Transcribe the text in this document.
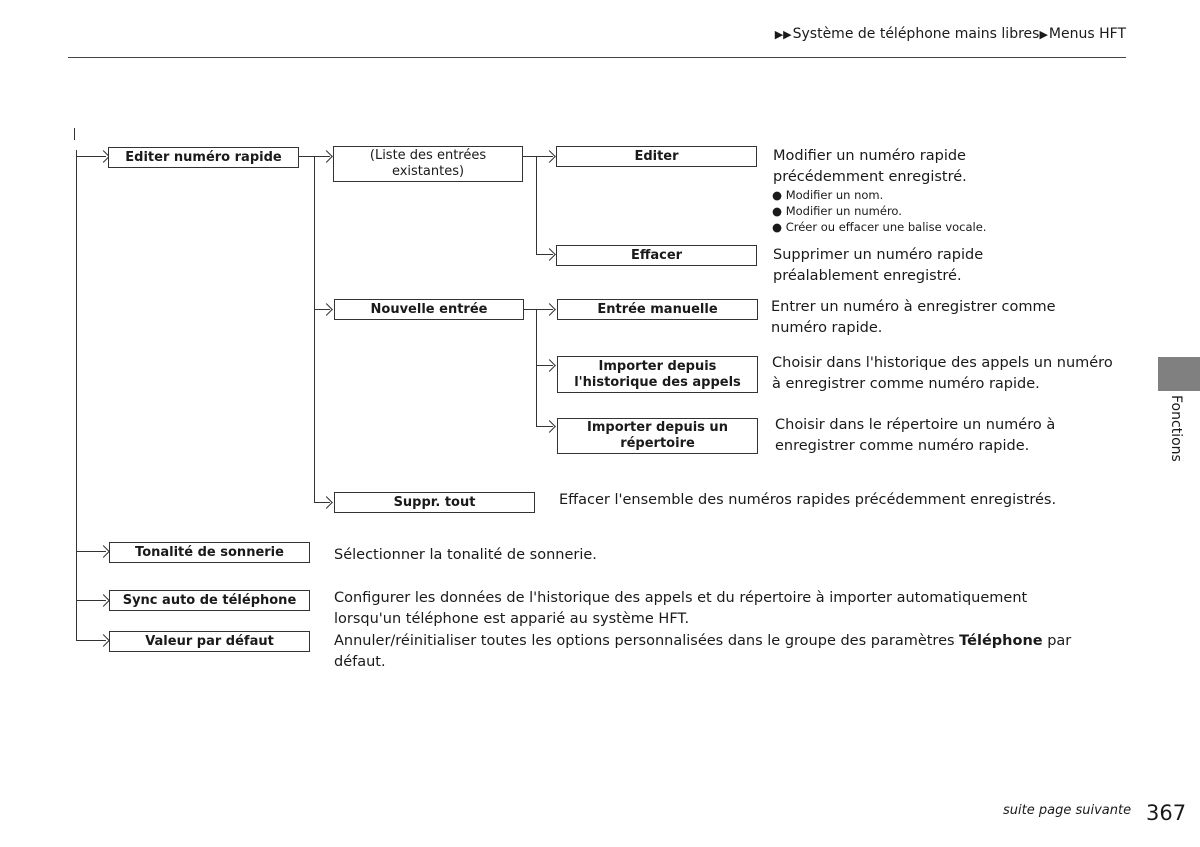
▶▶Système de téléphone mains libres▶Menus HFT
Editer numéro rapide
Tonalité de sonnerie
Sync auto de téléphone
Valeur par défaut
(Liste des entrées existantes)
Nouvelle entrée
Suppr. tout
Editer
Effacer
Entrée manuelle
Importer depuis l'historique des appels
Importer depuis un répertoire
Modifier un numéro rapide précédemment enregistré.
● Modifier un nom.
● Modifier un numéro.
● Créer ou effacer une balise vocale.
Supprimer un numéro rapide préalablement enregistré.
Entrer un numéro à enregistrer comme numéro rapide.
Choisir dans l'historique des appels un numéro à enregistrer comme numéro rapide.
Choisir dans le répertoire un numéro à enregistrer comme numéro rapide.
Effacer l'ensemble des numéros rapides précédemment enregistrés.
Sélectionner la tonalité de sonnerie.
Configurer les données de l'historique des appels et du répertoire à importer automatiquement lorsqu'un téléphone est apparié au système HFT.
Annuler/réinitialiser toutes les options personnalisées dans le groupe des paramètres Téléphone par défaut.
Fonctions
suite page suivante 367
